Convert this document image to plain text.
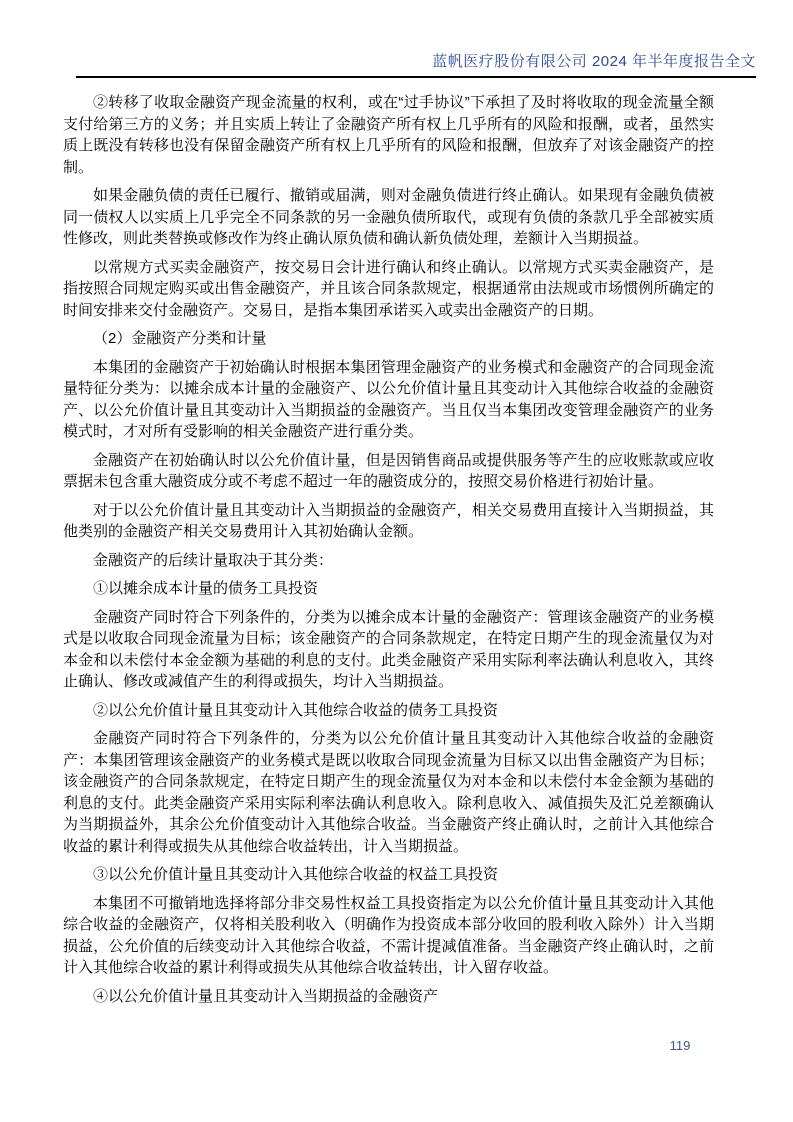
蓝帆医疗股份有限公司 2024 年半年度报告全文

②转移了收取金融资产现金流量的权利，或在“过手协议”下承担了及时将收取的现金流量全额支付给第三方的义务；并且实质上转让了金融资产所有权上几乎所有的风险和报酬，或者，虽然实质上既没有转移也没有保留金融资产所有权上几乎所有的风险和报酬，但放弃了对该金融资产的控制。

如果金融负债的责任已履行、撤销或届满，则对金融负债进行终止确认。如果现有金融负债被同一债权人以实质上几乎完全不同条款的另一金融负债所取代，或现有负债的条款几乎全部被实质性修改，则此类替换或修改作为终止确认原负债和确认新负债处理，差额计入当期损益。

以常规方式买卖金融资产，按交易日会计进行确认和终止确认。以常规方式买卖金融资产，是指按照合同规定购买或出售金融资产，并且该合同条款规定，根据通常由法规或市场惯例所确定的时间安排来交付金融资产。交易日，是指本集团承诺买入或卖出金融资产的日期。

（2）金融资产分类和计量

本集团的金融资产于初始确认时根据本集团管理金融资产的业务模式和金融资产的合同现金流量特征分类为：以摊余成本计量的金融资产、以公允价值计量且其变动计入其他综合收益的金融资产、以公允价值计量且其变动计入当期损益的金融资产。当且仅当本集团改变管理金融资产的业务模式时，才对所有受影响的相关金融资产进行重分类。

金融资产在初始确认时以公允价值计量，但是因销售商品或提供服务等产生的应收账款或应收票据未包含重大融资成分或不考虑不超过一年的融资成分的，按照交易价格进行初始计量。

对于以公允价值计量且其变动计入当期损益的金融资产，相关交易费用直接计入当期损益，其他类别的金融资产相关交易费用计入其初始确认金额。

金融资产的后续计量取决于其分类：

①以摊余成本计量的债务工具投资

金融资产同时符合下列条件的，分类为以摊余成本计量的金融资产：管理该金融资产的业务模式是以收取合同现金流量为目标；该金融资产的合同条款规定，在特定日期产生的现金流量仅为对本金和以未偿付本金金额为基础的利息的支付。此类金融资产采用实际利率法确认利息收入，其终止确认、修改或减值产生的利得或损失，均计入当期损益。

②以公允价值计量且其变动计入其他综合收益的债务工具投资

金融资产同时符合下列条件的，分类为以公允价值计量且其变动计入其他综合收益的金融资产：本集团管理该金融资产的业务模式是既以收取合同现金流量为目标又以出售金融资产为目标；该金融资产的合同条款规定，在特定日期产生的现金流量仅为对本金和以未偿付本金金额为基础的利息的支付。此类金融资产采用实际利率法确认利息收入。除利息收入、减值损失及汇兑差额确认为当期损益外，其余公允价值变动计入其他综合收益。当金融资产终止确认时，之前计入其他综合收益的累计利得或损失从其他综合收益转出，计入当期损益。

③以公允价值计量且其变动计入其他综合收益的权益工具投资

本集团不可撤销地选择将部分非交易性权益工具投资指定为以公允价值计量且其变动计入其他综合收益的金融资产，仅将相关股利收入（明确作为投资成本部分收回的股利收入除外）计入当期损益，公允价值的后续变动计入其他综合收益，不需计提减值准备。当金融资产终止确认时，之前计入其他综合收益的累计利得或损失从其他综合收益转出，计入留存收益。

④以公允价值计量且其变动计入当期损益的金融资产

119
